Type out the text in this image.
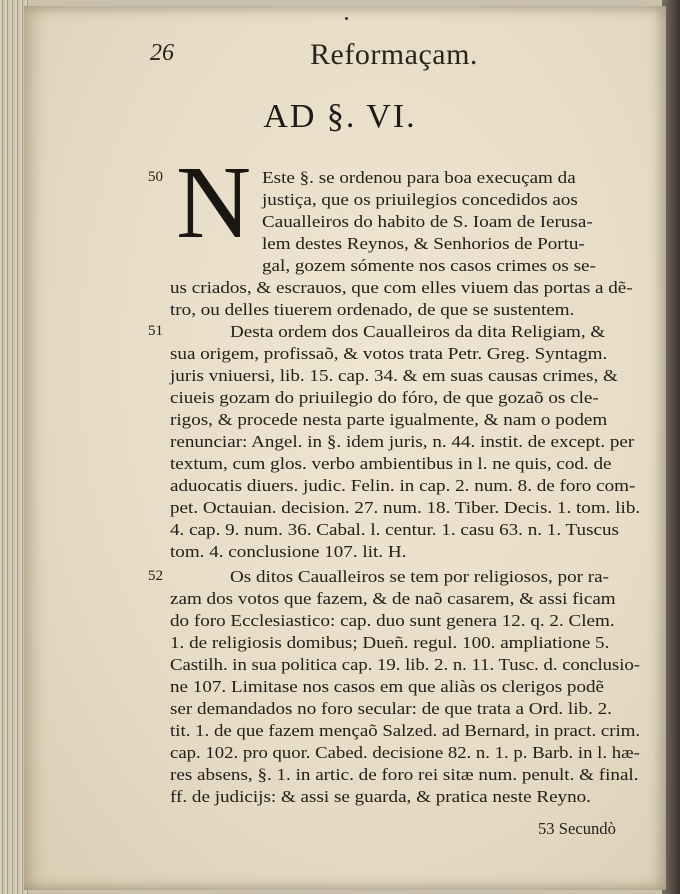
26	Reformaçam.
AD §. VI.
N
50	Este §. se ordenou para boa execuçam da
justiça, que os priuilegios concedidos aos
Caualleiros do habito de S. Ioam de Ierusa-
lem destes Reynos, & Senhorios de Portu-
gal, gozem sómente nos casos crimes os se-
us criados, & escrauos, que com elles viuem das portas a dẽ-
tro, ou delles tiuerem ordenado, de que se sustentem.
51	Desta ordem dos Caualleiros da dita Religiam, &
sua origem, profissaõ, & votos trata Petr. Greg. Syntagm.
juris vniuersi, lib. 15. cap. 34. & em suas causas crimes, &
ciueis gozam do priuilegio do fóro, de que gozaõ os cle-
rigos, & procede nesta parte igualmente, & nam o podem
renunciar: Angel. in §. idem juris, n. 44. instit. de except. per
textum, cum glos. verbo ambientibus in l. ne quis, cod. de
aduocatis diuers. judic. Felin. in cap. 2. num. 8. de foro com-
pet. Octauian. decision. 27. num. 18. Tiber. Decis. 1. tom. lib.
4. cap. 9. num. 36. Cabal. l. centur. 1. casu 63. n. 1. Tuscus
tom. 4. conclusione 107. lit. H.
52	Os ditos Caualleiros se tem por religiosos, por ra-
zam dos votos que fazem, & de naõ casarem, & assi ficam
do foro Ecclesiastico: cap. duo sunt genera 12. q. 2. Clem.
1. de religiosis domibus; Dueñ. regul. 100. ampliatione 5.
Castilh. in sua politica cap. 19. lib. 2. n. 11. Tusc. d. conclusio-
ne 107. Limitase nos casos em que aliàs os clerigos podẽ
ser demandados no foro secular: de que trata a Ord. lib. 2.
tit. 1. de que fazem mençaõ Salzed. ad Bernard, in pract. crim.
cap. 102. pro quor. Cabed. decisione 82. n. 1. p. Barb. in l. hæ-
res absens, §. 1. in artic. de foro rei sitæ num. penult. & final.
ff. de judicijs: & assi se guarda, & pratica neste Reyno.
53 Secundò
